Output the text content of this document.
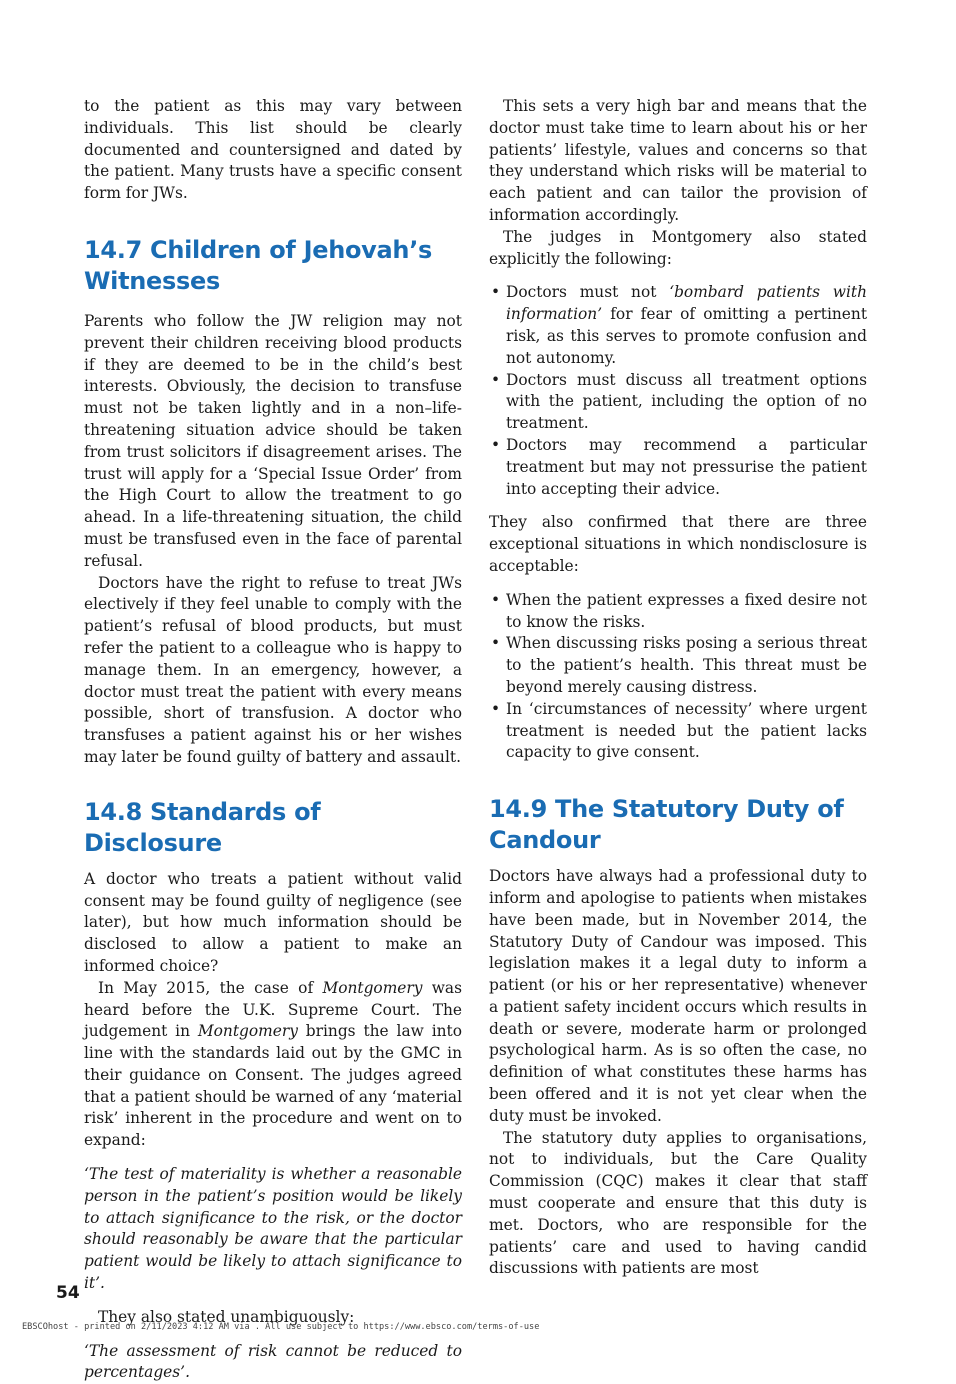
to the patient as this may vary between individuals. This list should be clearly documented and countersigned and dated by the patient. Many trusts have a specific consent form for JWs.

14.7 Children of Jehovah’s Witnesses

Parents who follow the JW religion may not prevent their children receiving blood products if they are deemed to be in the child’s best interests. Obviously, the decision to transfuse must not be taken lightly and in a non–life-threatening situation advice should be taken from trust solicitors if disagreement arises. The trust will apply for a ‘Special Issue Order’ from the High Court to allow the treatment to go ahead. In a life-threatening situation, the child must be transfused even in the face of parental refusal.

Doctors have the right to refuse to treat JWs electively if they feel unable to comply with the patient’s refusal of blood products, but must refer the patient to a colleague who is happy to manage them. In an emergency, however, a doctor must treat the patient with every means possible, short of transfusion. A doctor who transfuses a patient against his or her wishes may later be found guilty of battery and assault.

14.8 Standards of Disclosure

A doctor who treats a patient without valid consent may be found guilty of negligence (see later), but how much information should be disclosed to allow a patient to make an informed choice?

In May 2015, the case of Montgomery was heard before the U.K. Supreme Court. The judgement in Montgomery brings the law into line with the standards laid out by the GMC in their guidance on Consent. The judges agreed that a patient should be warned of any ‘material risk’ inherent in the procedure and went on to expand:

‘The test of materiality is whether a reasonable person in the patient’s position would be likely to attach significance to the risk, or the doctor should reasonably be aware that the particular patient would be likely to attach significance to it’.

They also stated unambiguously:

‘The assessment of risk cannot be reduced to percentages’.

This sets a very high bar and means that the doctor must take time to learn about his or her patients’ lifestyle, values and concerns so that they understand which risks will be material to each patient and can tailor the provision of information accordingly.

The judges in Montgomery also stated explicitly the following:

• Doctors must not ‘bombard patients with information’ for fear of omitting a pertinent risk, as this serves to promote confusion and not autonomy.
• Doctors must discuss all treatment options with the patient, including the option of no treatment.
• Doctors may recommend a particular treatment but may not pressurise the patient into accepting their advice.

They also confirmed that there are three exceptional situations in which nondisclosure is acceptable:

• When the patient expresses a fixed desire not to know the risks.
• When discussing risks posing a serious threat to the patient’s health. This threat must be beyond merely causing distress.
• In ‘circumstances of necessity’ where urgent treatment is needed but the patient lacks capacity to give consent.
14.9 The Statutory Duty of Candour

Doctors have always had a professional duty to inform and apologise to patients when mistakes have been made, but in November 2014, the Statutory Duty of Candour was imposed. This legislation makes it a legal duty to inform a patient (or his or her representative) whenever a patient safety incident occurs which results in death or severe, moderate harm or prolonged psychological harm. As is so often the case, no definition of what constitutes these harms has been offered and it is not yet clear when the duty must be invoked.

The statutory duty applies to organisations, not to individuals, but the Care Quality Commission (CQC) makes it clear that staff must cooperate and ensure that this duty is met. Doctors, who are responsible for the patients’ care and used to having candid discussions with patients are most

54
EBSCOhost - printed on 2/11/2023 4:12 AM via . All use subject to https://www.ebsco.com/terms-of-use
